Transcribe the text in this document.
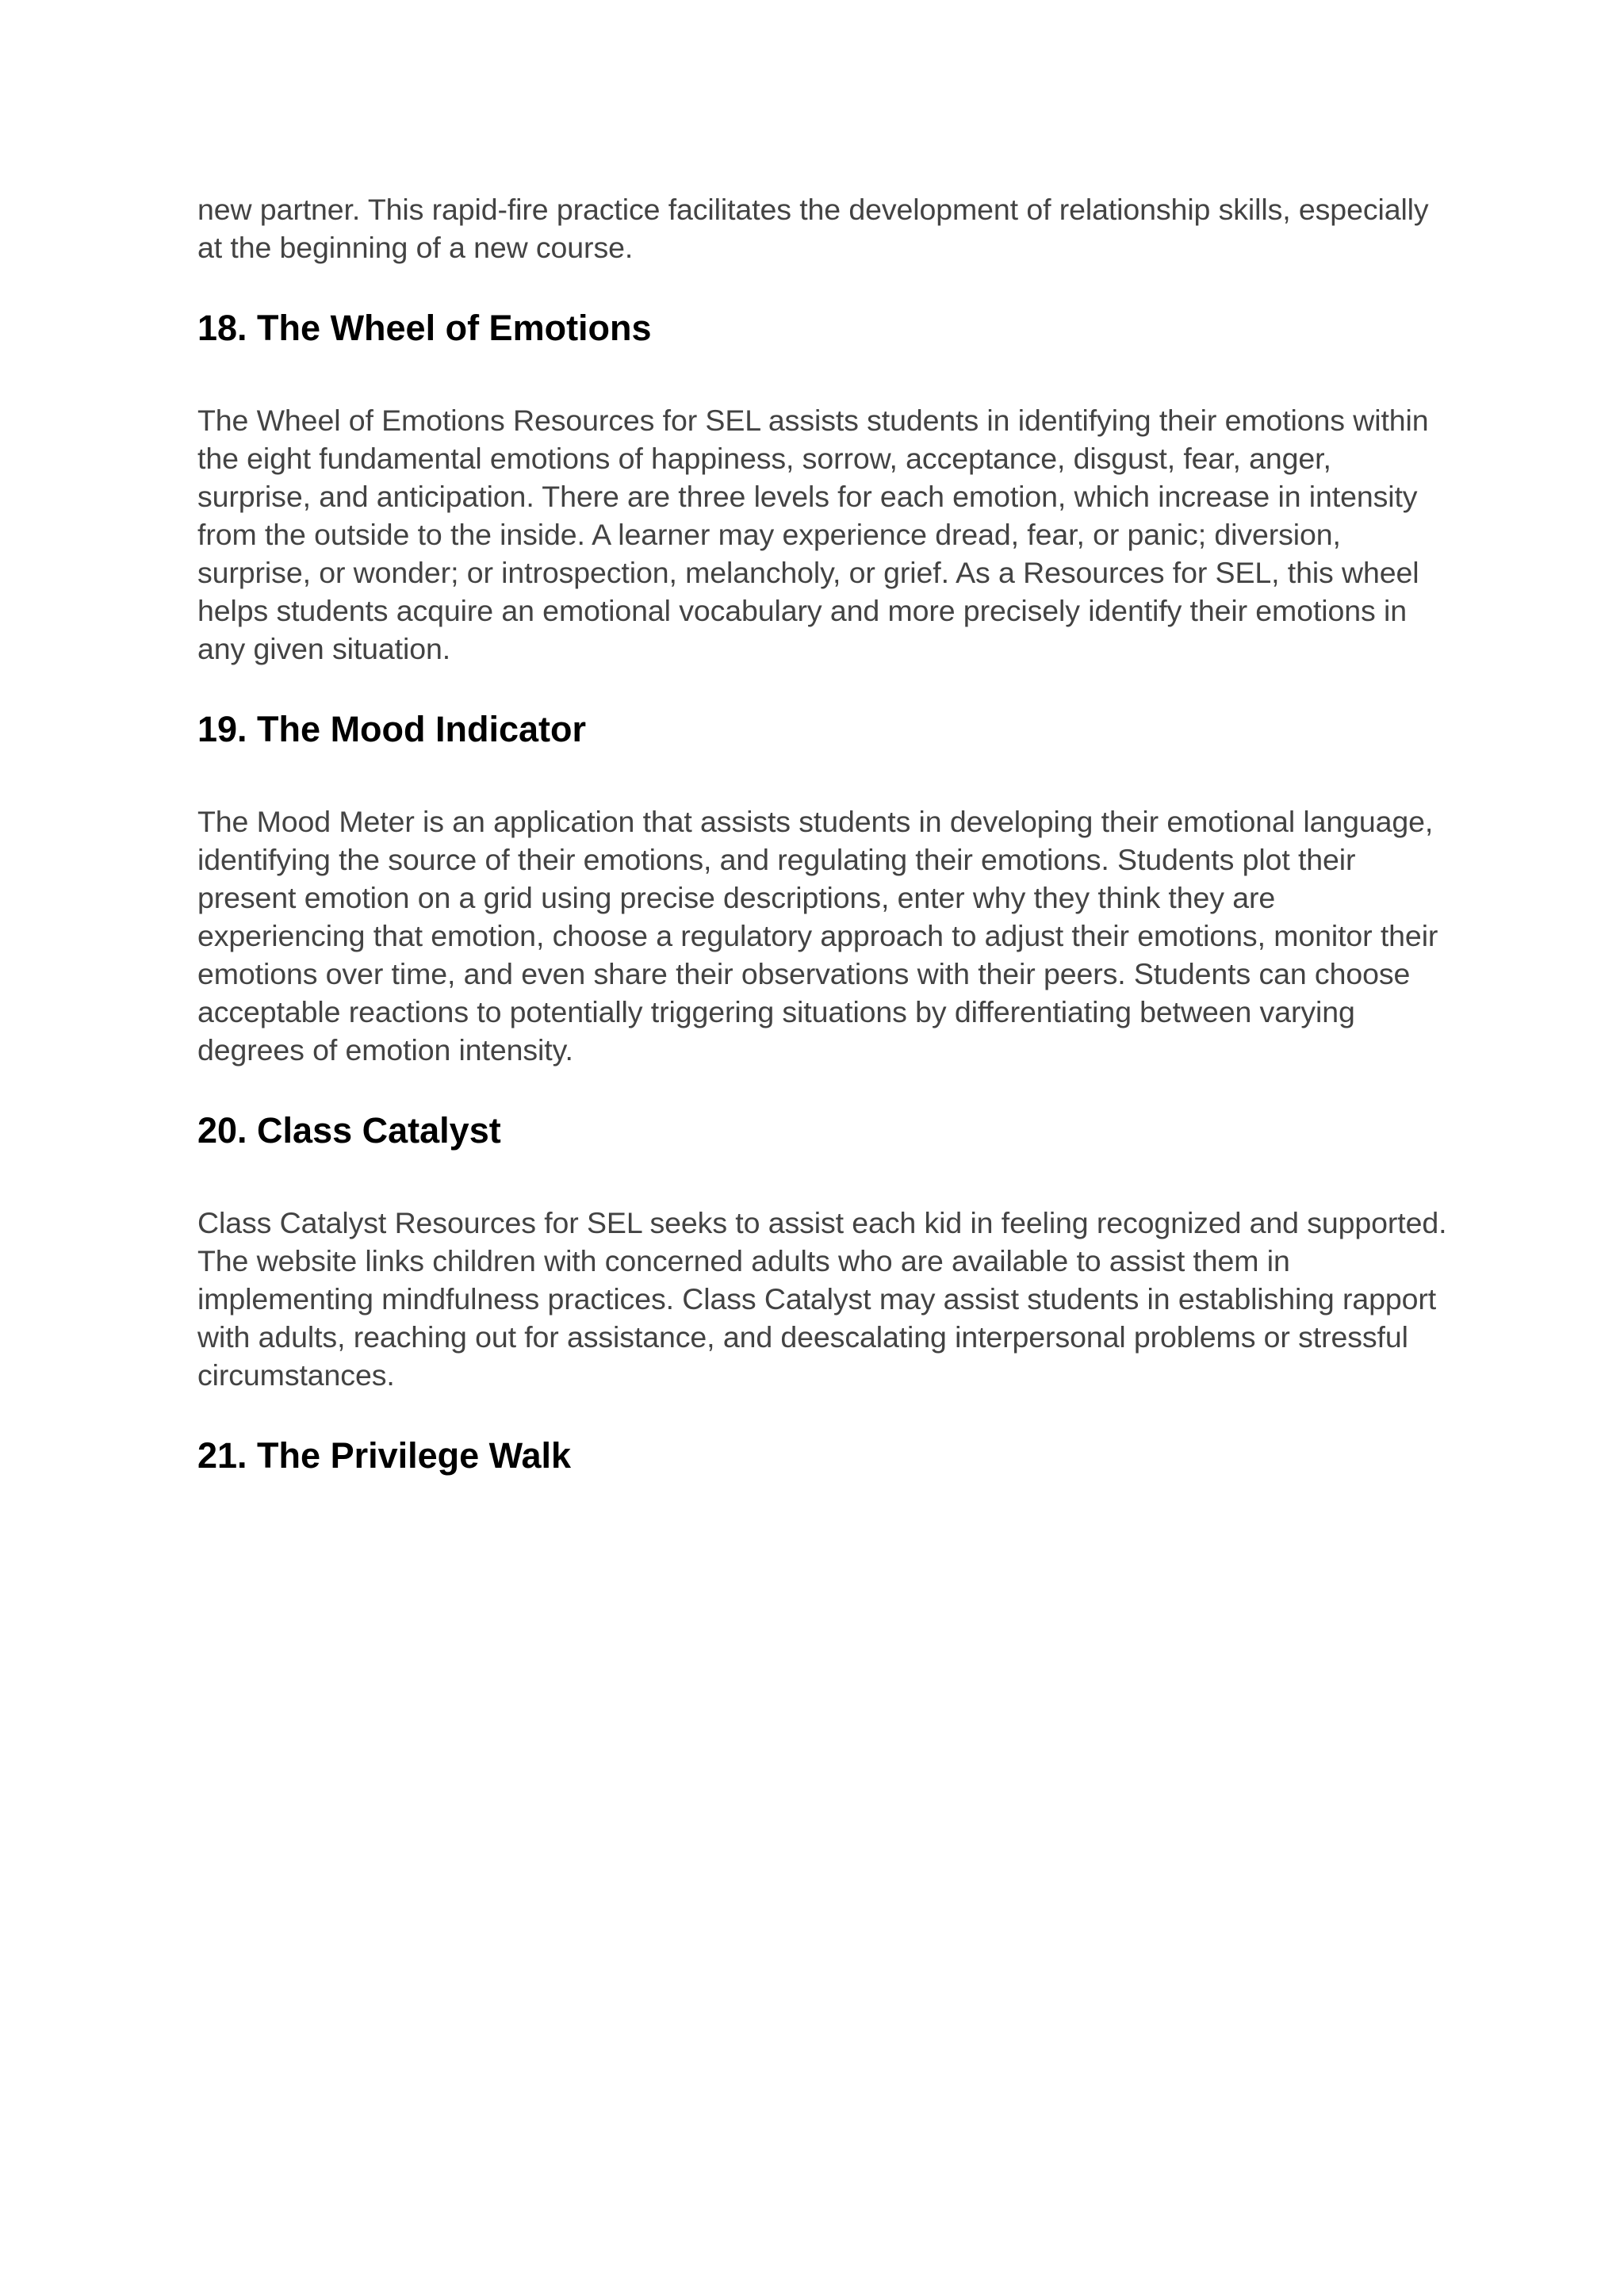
new partner. This rapid-fire practice facilitates the development of relationship skills, especially at the beginning of a new course.

18. The Wheel of Emotions

The Wheel of Emotions Resources for SEL assists students in identifying their emotions within the eight fundamental emotions of happiness, sorrow, acceptance, disgust, fear, anger, surprise, and anticipation. There are three levels for each emotion, which increase in intensity from the outside to the inside. A learner may experience dread, fear, or panic; diversion, surprise, or wonder; or introspection, melancholy, or grief. As a Resources for SEL, this wheel helps students acquire an emotional vocabulary and more precisely identify their emotions in any given situation.

19. The Mood Indicator

The Mood Meter is an application that assists students in developing their emotional language, identifying the source of their emotions, and regulating their emotions. Students plot their present emotion on a grid using precise descriptions, enter why they think they are experiencing that emotion, choose a regulatory approach to adjust their emotions, monitor their emotions over time, and even share their observations with their peers. Students can choose acceptable reactions to potentially triggering situations by differentiating between varying degrees of emotion intensity.

20. Class Catalyst

Class Catalyst Resources for SEL seeks to assist each kid in feeling recognized and supported. The website links children with concerned adults who are available to assist them in implementing mindfulness practices. Class Catalyst may assist students in establishing rapport with adults, reaching out for assistance, and deescalating interpersonal problems or stressful circumstances.

21. The Privilege Walk
